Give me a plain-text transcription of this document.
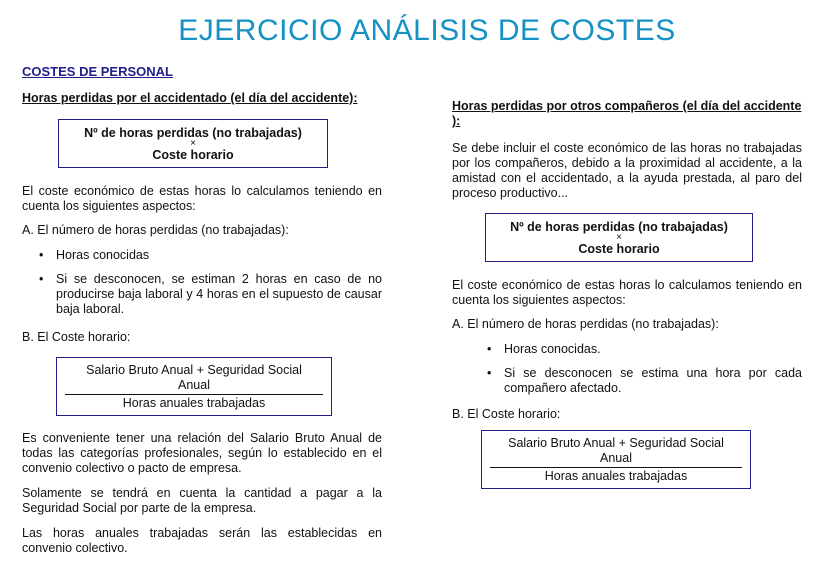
EJERCICIO ANÁLISIS DE COSTES
COSTES DE PERSONAL

Horas perdidas por el accidentado (el día del accidente):

Nº de horas perdidas (no trabajadas)
×
Coste horario

El coste económico de estas horas lo calculamos teniendo en cuenta los siguientes aspectos:

A. El número de horas perdidas (no trabajadas):

• Horas conocidas
• Si se desconocen, se estiman 2 horas en caso de no producirse baja laboral y 4 horas en el supuesto de causar baja laboral.

B. El Coste horario:

Salario Bruto Anual + Seguridad Social Anual
Horas anuales trabajadas

Es conveniente tener una relación del Salario Bruto Anual de todas las categorías profesionales, según lo establecido en el convenio colectivo o pacto de empresa.

Solamente se tendrá en cuenta la cantidad a pagar a la Seguridad Social por parte de la empresa.

Las horas anuales trabajadas serán las establecidas en convenio colectivo.

Horas perdidas por otros compañeros (el día del accidente ):

Se debe incluir el coste económico de las horas no trabajadas por los compañeros, debido a la proximidad al accidente, a la amistad con el accidentado, a la ayuda prestada, al paro del proceso productivo...

Nº de horas perdidas (no trabajadas)
×
Coste horario

El coste económico de estas horas lo calculamos teniendo en cuenta los siguientes aspectos:

A. El número de horas perdidas (no trabajadas):

• Horas conocidas.
• Si se desconocen se estima una hora por cada compañero afectado.

B. El Coste horario:

Salario Bruto Anual + Seguridad Social Anual
Horas anuales trabajadas
